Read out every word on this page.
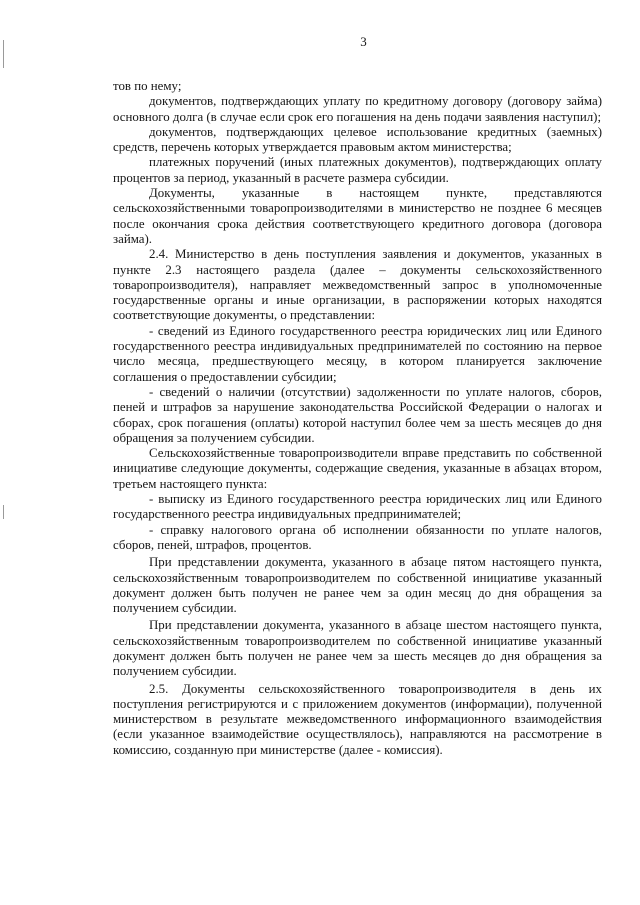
3

тов по нему;

документов, подтверждающих уплату по кредитному договору (договору займа) основного долга (в случае если срок его погашения на день подачи заявления наступил);

документов, подтверждающих целевое использование кредитных (заемных) средств, перечень которых утверждается правовым актом министерства;

платежных поручений (иных платежных документов), подтверждающих оплату процентов за период, указанный в расчете размера субсидии.

Документы, указанные в настоящем пункте, представляются сельскохозяйственными товаропроизводителями в министерство не позднее 6 месяцев после окончания срока действия соответствующего кредитного договора (договора займа).

2.4. Министерство в день поступления заявления и документов, указанных в пункте 2.3 настоящего раздела (далее – документы сельскохозяйственного товаропроизводителя), направляет межведомственный запрос в уполномоченные государственные органы и иные организации, в распоряжении которых находятся соответствующие документы, о представлении:

- сведений из Единого государственного реестра юридических лиц или Единого государственного реестра индивидуальных предпринимателей по состоянию на первое число месяца, предшествующего месяцу, в котором планируется заключение соглашения о предоставлении субсидии;

- сведений о наличии (отсутствии) задолженности по уплате налогов, сборов, пеней и штрафов за нарушение законодательства Российской Федерации о налогах и сборах, срок погашения (оплаты) которой наступил более чем за шесть месяцев до дня обращения за получением субсидии.

Сельскохозяйственные товаропроизводители вправе представить по собственной инициативе следующие документы, содержащие сведения, указанные в абзацах втором, третьем настоящего пункта:

- выписку из Единого государственного реестра юридических лиц или Единого государственного реестра индивидуальных предпринимателей;

- справку налогового органа об исполнении обязанности по уплате налогов, сборов, пеней, штрафов, процентов.

При представлении документа, указанного в абзаце пятом настоящего пункта, сельскохозяйственным товаропроизводителем по собственной инициативе указанный документ должен быть получен не ранее чем за один месяц до дня обращения за получением субсидии.

При представлении документа, указанного в абзаце шестом настоящего пункта, сельскохозяйственным товаропроизводителем по собственной инициативе указанный документ должен быть получен не ранее чем за шесть месяцев до дня обращения за получением субсидии.

2.5. Документы сельскохозяйственного товаропроизводителя в день их поступления регистрируются и с приложением документов (информации), полученной министерством в результате межведомственного информационного взаимодействия (если указанное взаимодействие осуществлялось), направляются на рассмотрение в комиссию, созданную при министерстве (далее - комиссия).
